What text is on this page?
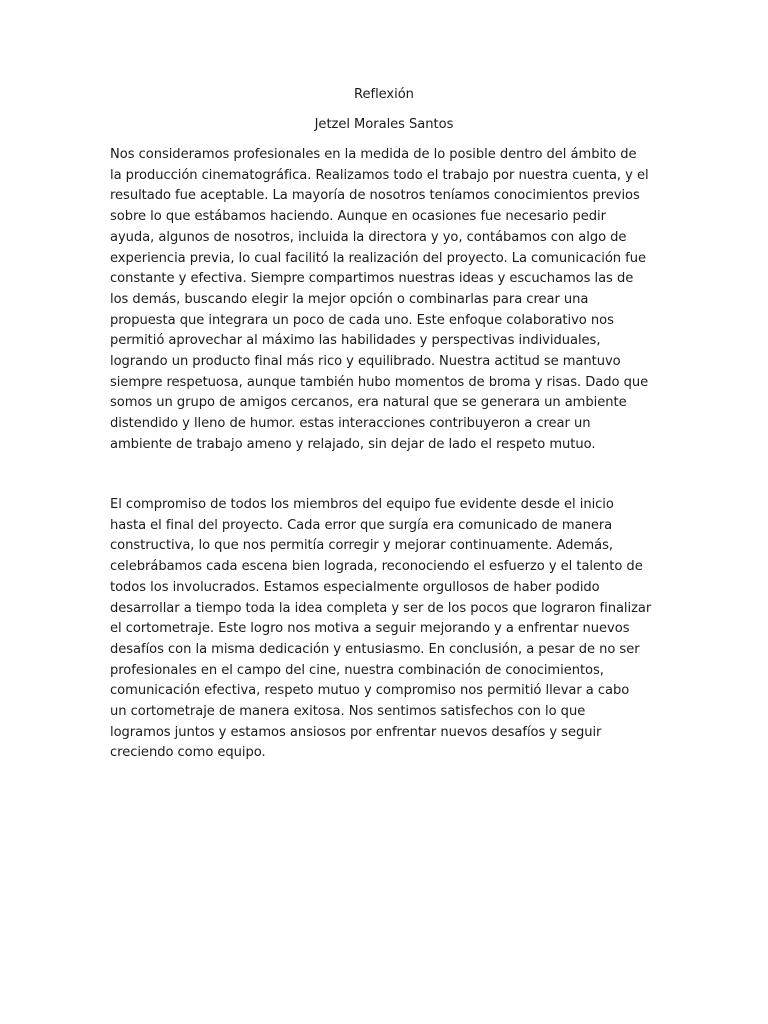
Reflexión
Jetzel Morales Santos

Nos consideramos profesionales en la medida de lo posible dentro del ámbito de
la producción cinematográfica. Realizamos todo el trabajo por nuestra cuenta, y el
resultado fue aceptable. La mayoría de nosotros teníamos conocimientos previos
sobre lo que estábamos haciendo. Aunque en ocasiones fue necesario pedir
ayuda, algunos de nosotros, incluida la directora y yo, contábamos con algo de
experiencia previa, lo cual facilitó la realización del proyecto. La comunicación fue
constante y efectiva. Siempre compartimos nuestras ideas y escuchamos las de
los demás, buscando elegir la mejor opción o combinarlas para crear una
propuesta que integrara un poco de cada uno. Este enfoque colaborativo nos
permitió aprovechar al máximo las habilidades y perspectivas individuales,
logrando un producto final más rico y equilibrado. Nuestra actitud se mantuvo
siempre respetuosa, aunque también hubo momentos de broma y risas. Dado que
somos un grupo de amigos cercanos, era natural que se generara un ambiente
distendido y lleno de humor. estas interacciones contribuyeron a crear un
ambiente de trabajo ameno y relajado, sin dejar de lado el respeto mutuo.

El compromiso de todos los miembros del equipo fue evidente desde el inicio
hasta el final del proyecto. Cada error que surgía era comunicado de manera
constructiva, lo que nos permitía corregir y mejorar continuamente. Además,
celebrábamos cada escena bien lograda, reconociendo el esfuerzo y el talento de
todos los involucrados. Estamos especialmente orgullosos de haber podido
desarrollar a tiempo toda la idea completa y ser de los pocos que lograron finalizar
el cortometraje. Este logro nos motiva a seguir mejorando y a enfrentar nuevos
desafíos con la misma dedicación y entusiasmo. En conclusión, a pesar de no ser
profesionales en el campo del cine, nuestra combinación de conocimientos,
comunicación efectiva, respeto mutuo y compromiso nos permitió llevar a cabo
un cortometraje de manera exitosa. Nos sentimos satisfechos con lo que
logramos juntos y estamos ansiosos por enfrentar nuevos desafíos y seguir
creciendo como equipo.
